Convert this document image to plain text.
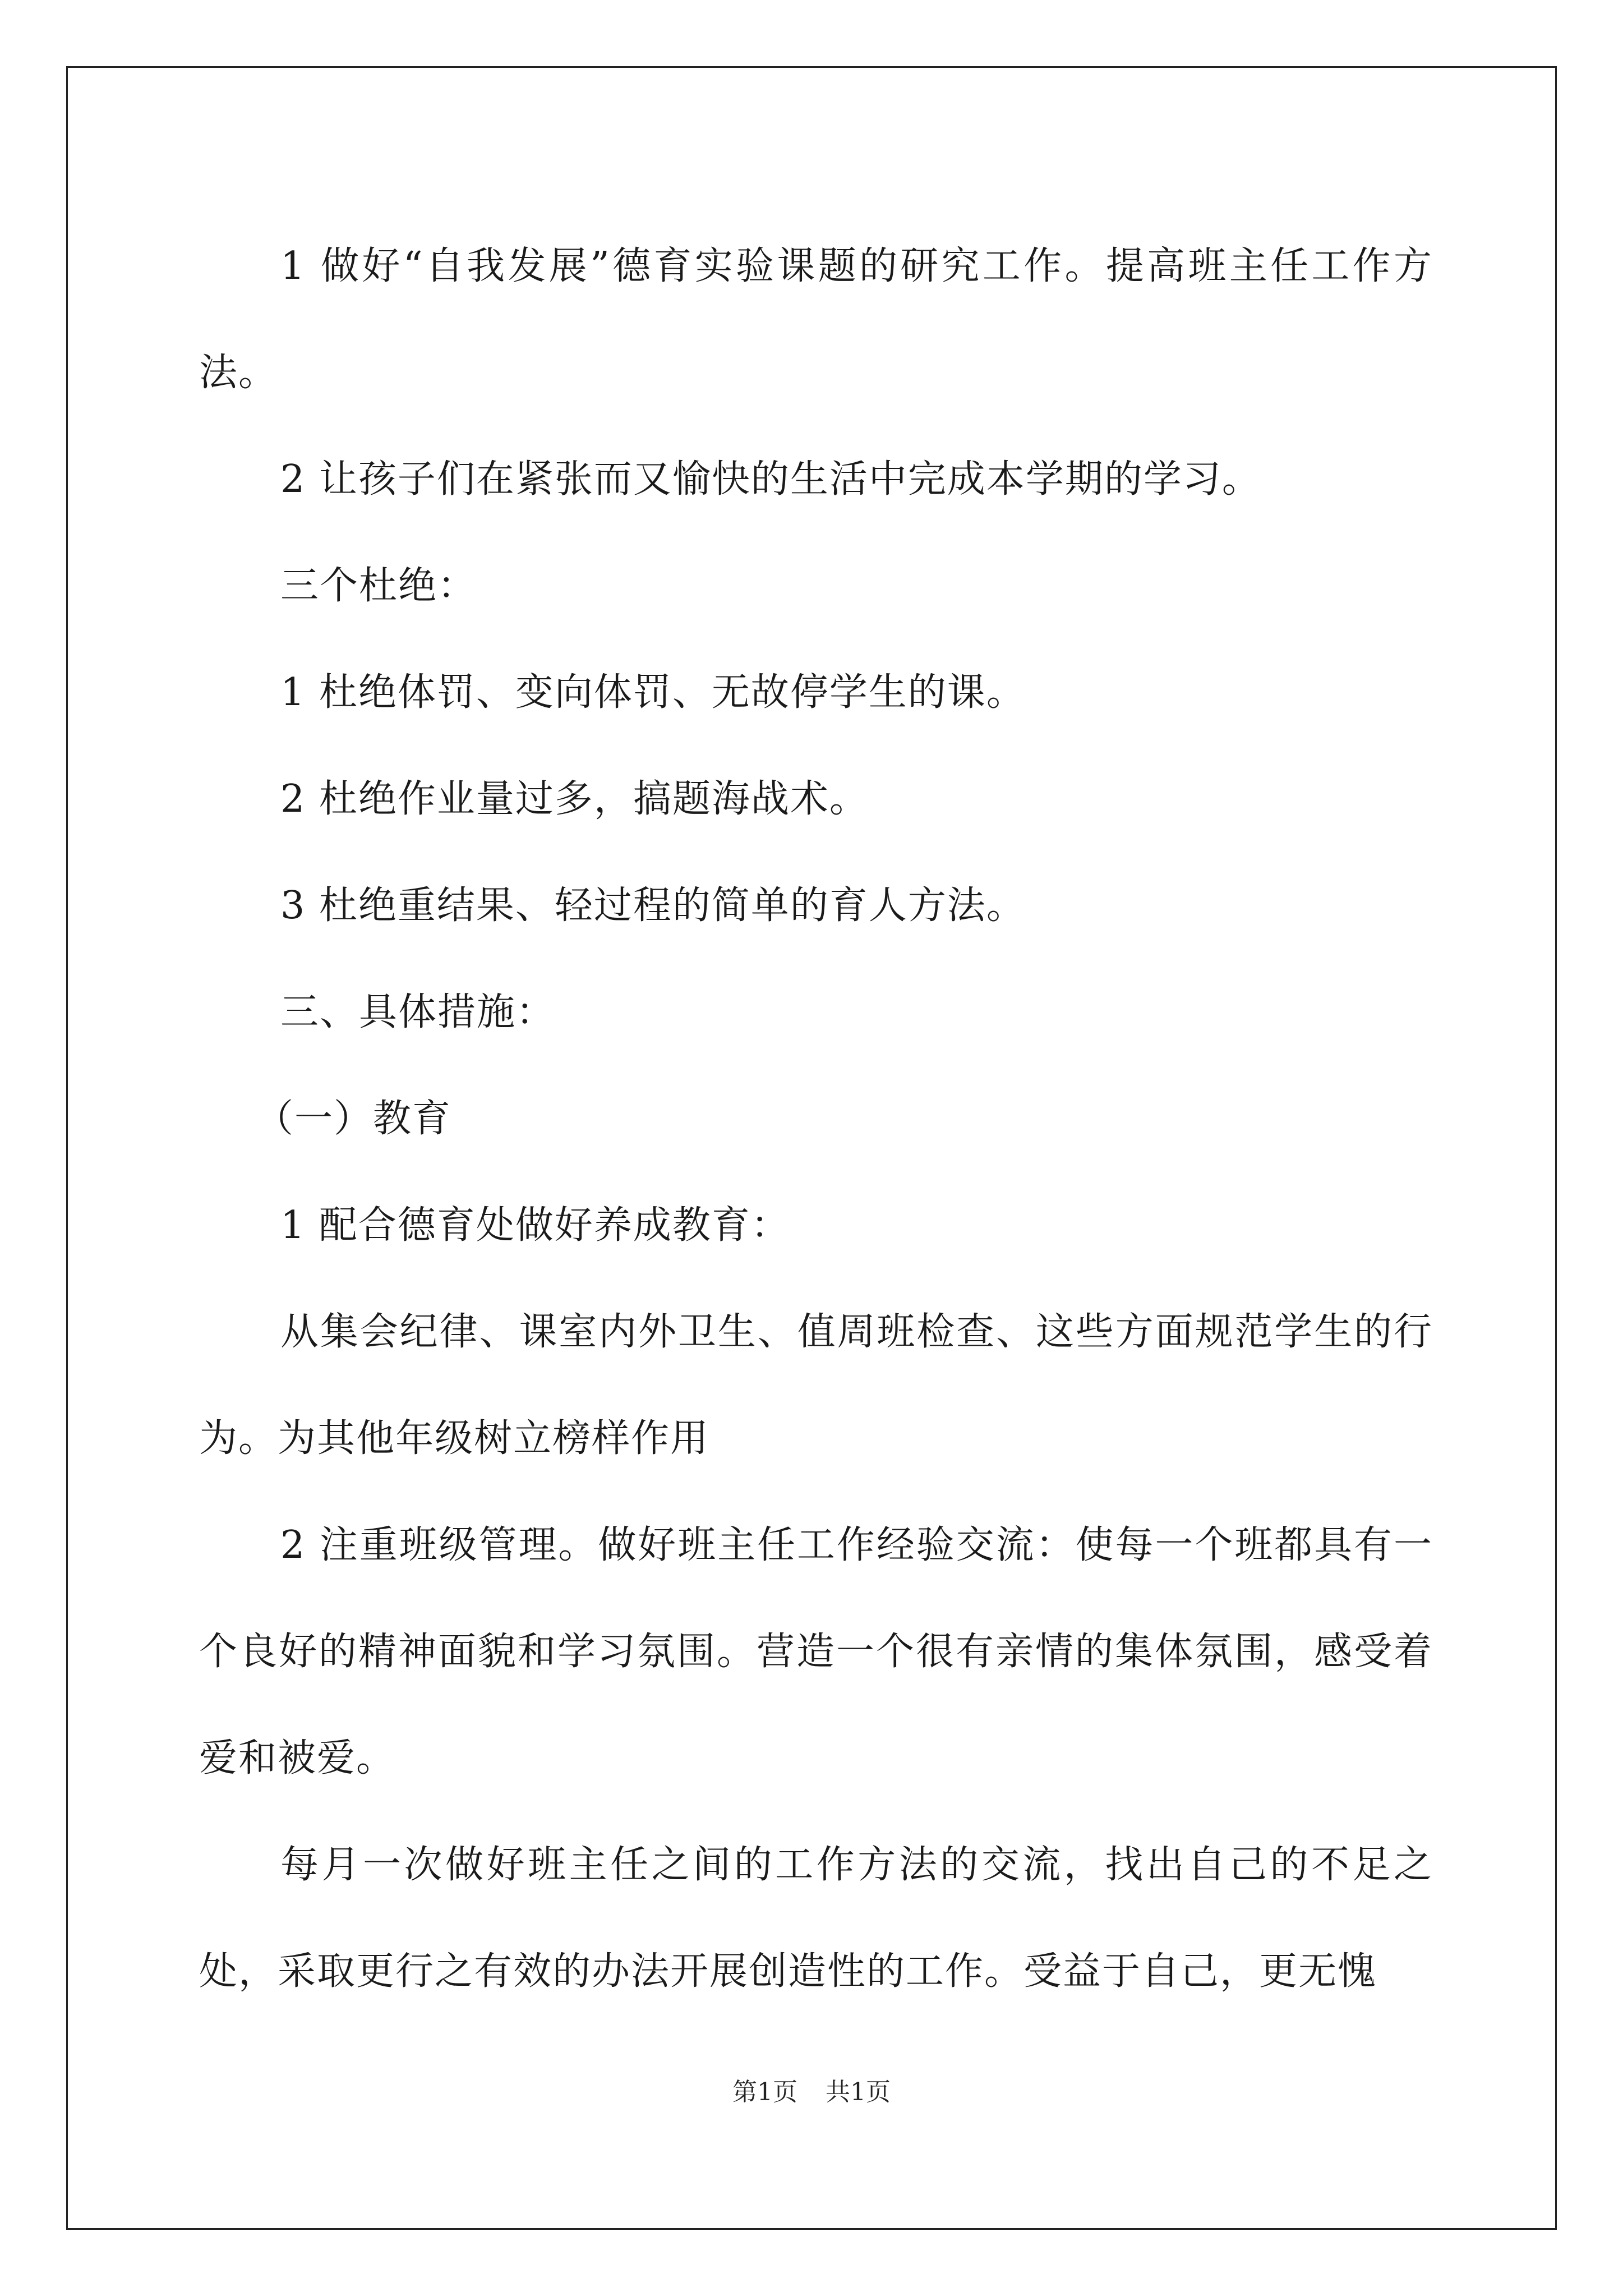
1 做好“自我发展”德育实验课题的研究工作。提高班主任工作方法。

2 让孩子们在紧张而又愉快的生活中完成本学期的学习。

三个杜绝：

1 杜绝体罚、变向体罚、无故停学生的课。

2 杜绝作业量过多，搞题海战术。

3 杜绝重结果、轻过程的简单的育人方法。

三、具体措施：

（一）教育

1 配合德育处做好养成教育：

从集会纪律、课室内外卫生、值周班检查、这些方面规范学生的行为。为其他年级树立榜样作用

2 注重班级管理。做好班主任工作经验交流：使每一个班都具有一个良好的精神面貌和学习氛围。营造一个很有亲情的集体氛围，感受着爱和被爱。

每月一次做好班主任之间的工作方法的交流，找出自己的不足之处，采取更行之有效的办法开展创造性的工作。受益于自己，更无愧

第1页 共1页
